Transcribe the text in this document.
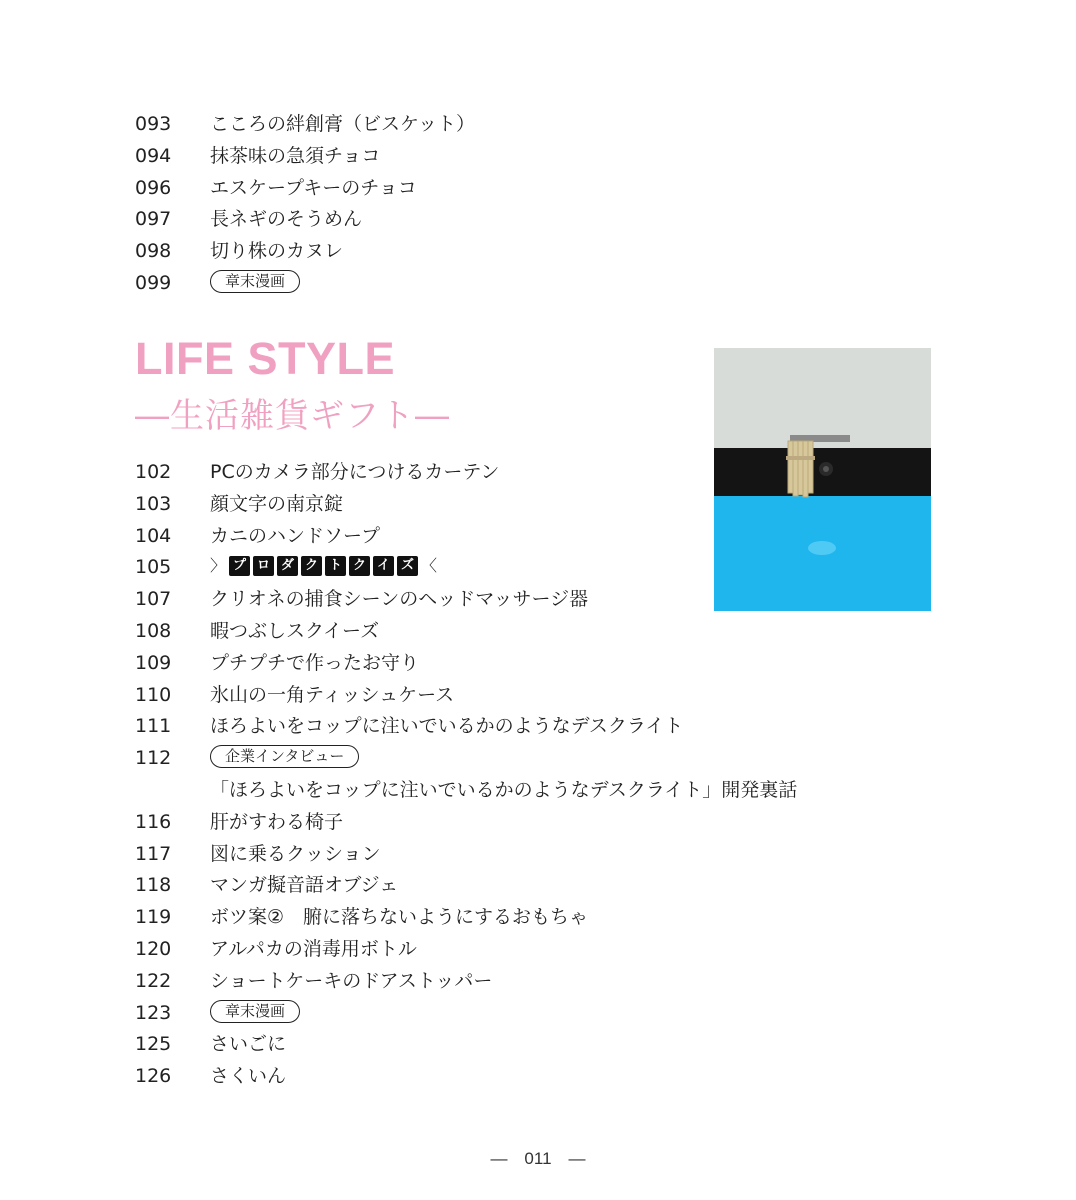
093	こころの絆創膏（ビスケット）
094	抹茶味の急須チョコ
096	エスケープキーのチョコ
097	長ネギのそうめん
098	切り株のカヌレ
099	章末漫画
LIFE STYLE
―生活雑貨ギフト―
102	PCのカメラ部分につけるカーテン
103	顔文字の南京錠
104	カニのハンドソープ
105	〉 プ ロ ダ ク ト ク イ ズ 〈
107	クリオネの捕食シーンのヘッドマッサージ器
108	暇つぶしスクイーズ
109	プチプチで作ったお守り
110	氷山の一角ティッシュケース
111	ほろよいをコップに注いでいるかのようなデスクライト
112	企業インタビュー
「ほろよいをコップに注いでいるかのようなデスクライト」開発裏話
116	肝がすわる椅子
117	図に乗るクッション
118	マンガ擬音語オブジェ
119	ボツ案②　腑に落ちないようにするおもちゃ
120	アルパカの消毒用ボトル
122	ショートケーキのドアストッパー
123	章末漫画
125	さいごに
126	さくいん
―　011　―
